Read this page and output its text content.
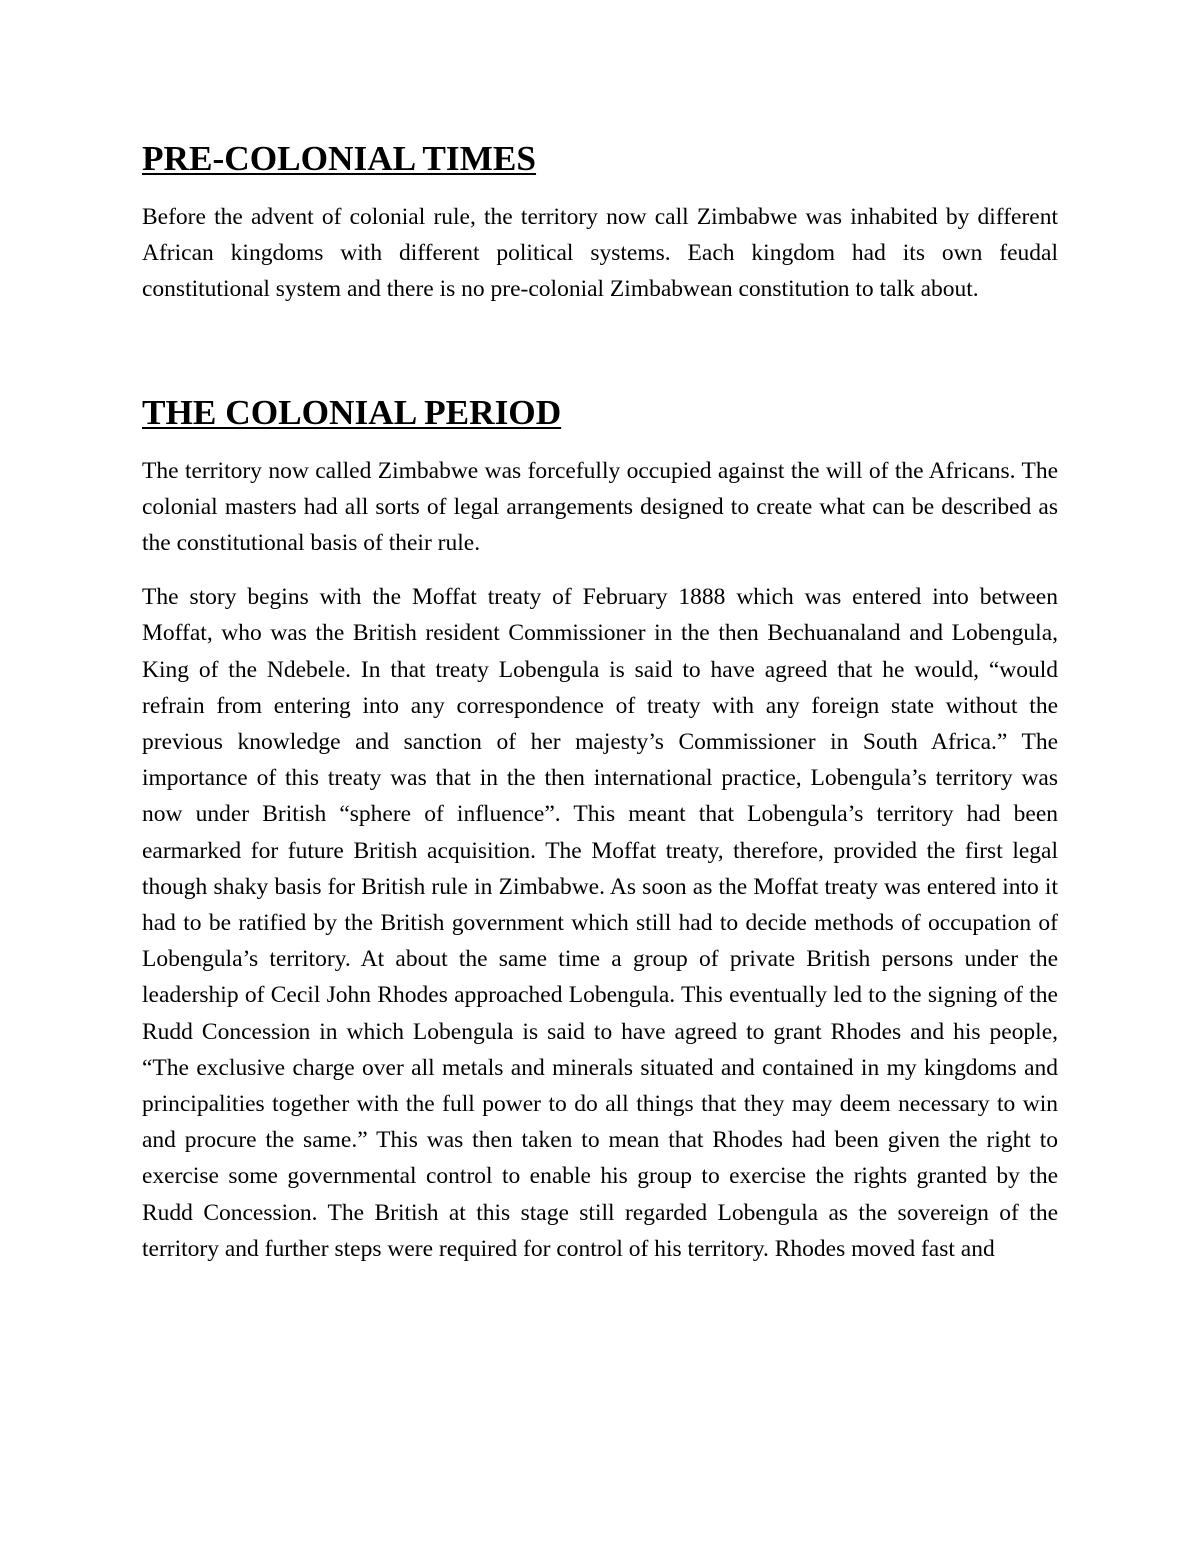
PRE-COLONIAL TIMES

Before the advent of colonial rule, the territory now call Zimbabwe was inhabited by different African kingdoms with different political systems. Each kingdom had its own feudal constitutional system and there is no pre-colonial Zimbabwean constitution to talk about.

THE COLONIAL PERIOD

The territory now called Zimbabwe was forcefully occupied against the will of the Africans. The colonial masters had all sorts of legal arrangements designed to create what can be described as the constitutional basis of their rule.

The story begins with the Moffat treaty of February 1888 which was entered into between Moffat, who was the British resident Commissioner in the then Bechuanaland and Lobengula, King of the Ndebele. In that treaty Lobengula is said to have agreed that he would, “would refrain from entering into any correspondence of treaty with any foreign state without the previous knowledge and sanction of her majesty’s Commissioner in South Africa.” The importance of this treaty was that in the then international practice, Lobengula’s territory was now under British “sphere of influence”. This meant that Lobengula’s territory had been earmarked for future British acquisition. The Moffat treaty, therefore, provided the first legal though shaky basis for British rule in Zimbabwe. As soon as the Moffat treaty was entered into it had to be ratified by the British government which still had to decide methods of occupation of Lobengula’s territory. At about the same time a group of private British persons under the leadership of Cecil John Rhodes approached Lobengula. This eventually led to the signing of the Rudd Concession in which Lobengula is said to have agreed to grant Rhodes and his people, “The exclusive charge over all metals and minerals situated and contained in my kingdoms and principalities together with the full power to do all things that they may deem necessary to win and procure the same.” This was then taken to mean that Rhodes had been given the right to exercise some governmental control to enable his group to exercise the rights granted by the Rudd Concession. The British at this stage still regarded Lobengula as the sovereign of the territory and further steps were required for control of his territory. Rhodes moved fast and
